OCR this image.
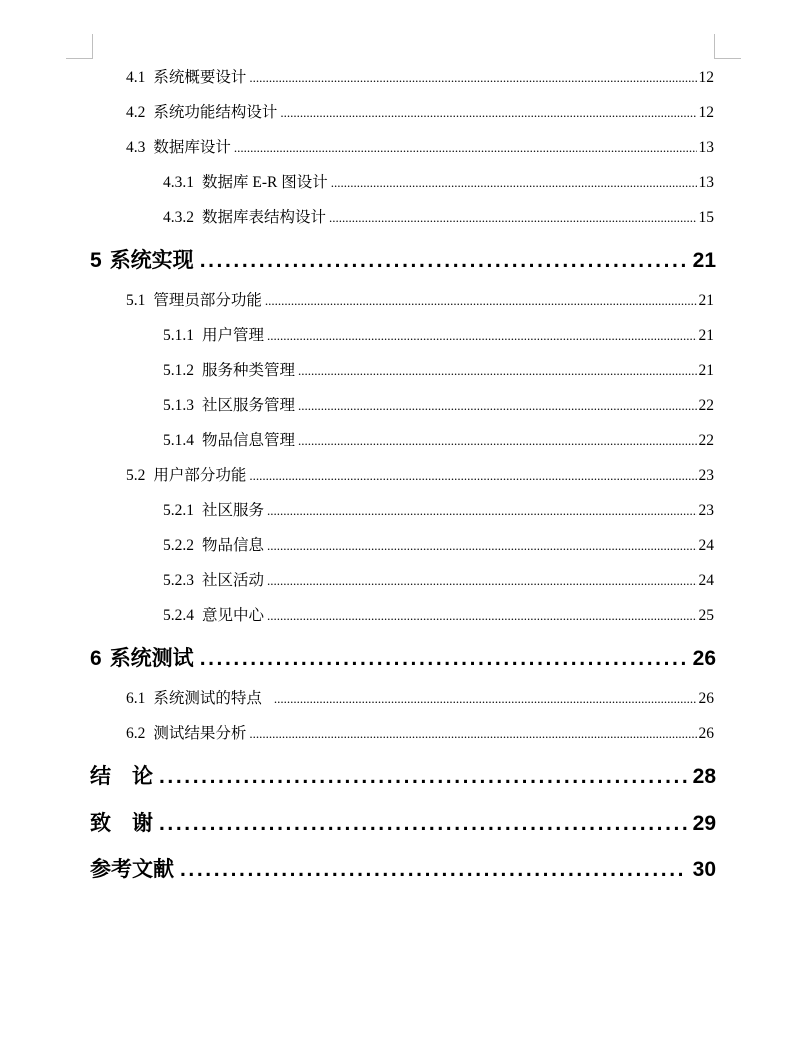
4.1 系统概要设计 .....	12
4.2 系统功能结构设计 .....	12
4.3 数据库设计 .....	13
4.3.1 数据库 E-R 图设计 .....	13
4.3.2 数据库表结构设计 .....	15
5 系统实现 .....	21
5.1 管理员部分功能 .....	21
5.1.1 用户管理 .....	21
5.1.2 服务种类管理 .....	21
5.1.3 社区服务管理 .....	22
5.1.4 物品信息管理 .....	22
5.2 用户部分功能 .....	23
5.2.1 社区服务 .....	23
5.2.2 物品信息 .....	24
5.2.3 社区活动 .....	24
5.2.4 意见中心 .....	25
6 系统测试 .....	26
6.1 系统测试的特点 .....	26
6.2 测试结果分析 .....	26
结　论 .....	28
致　谢 .....	29
参考文献 .....	30
